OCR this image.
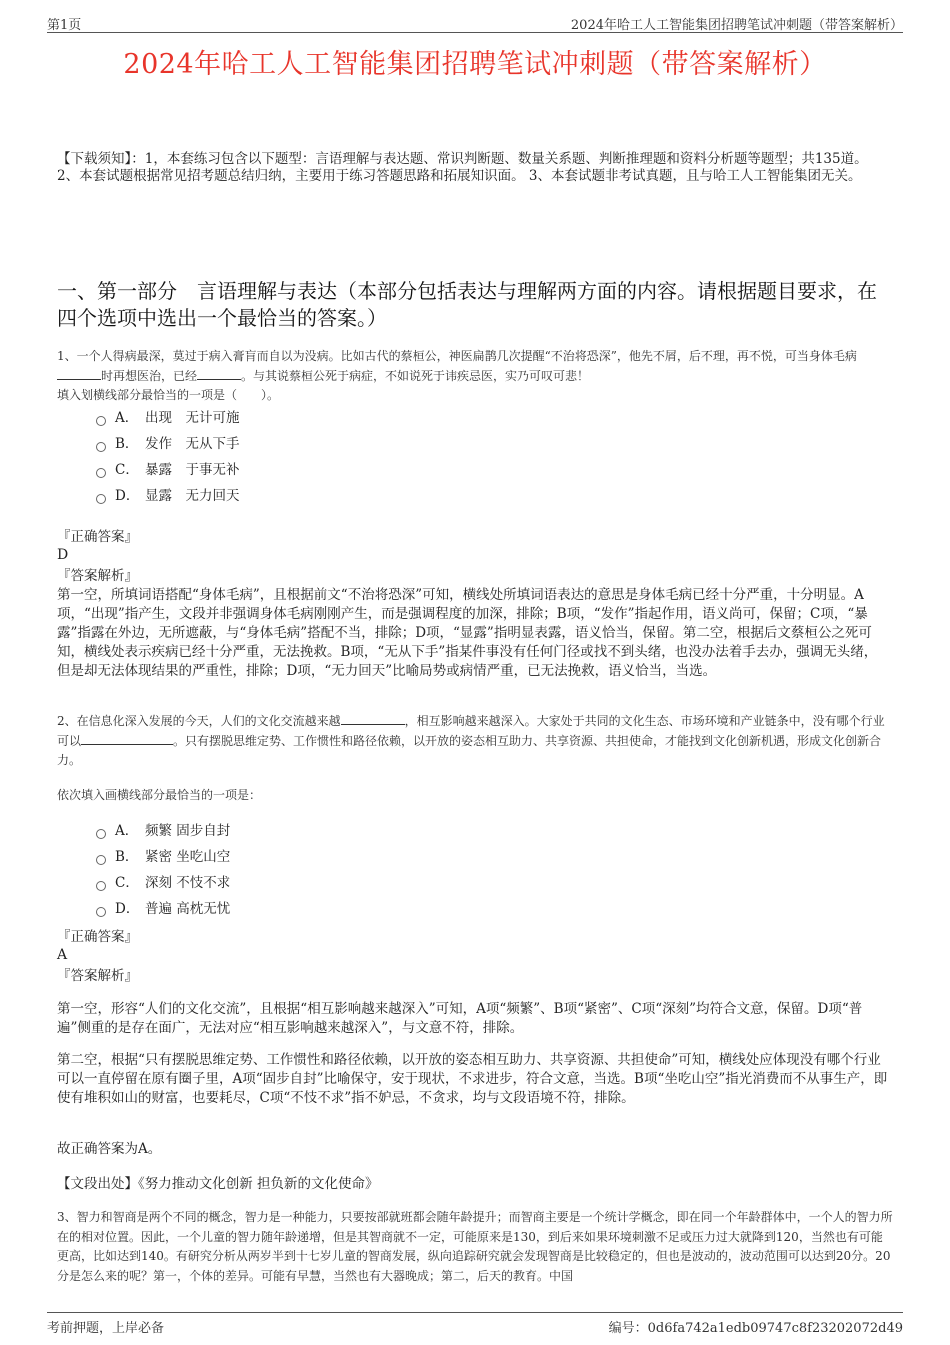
第1页	2024年哈工人工智能集团招聘笔试冲刺题（带答案解析）
2024年哈工人工智能集团招聘笔试冲刺题（带答案解析）
【下载须知】：1，本套练习包含以下题型：言语理解与表达题、常识判断题、数量关系题、判断推理题和资料分析题等题型；共135道。 2、本套试题根据常见招考题总结归纳，主要用于练习答题思路和拓展知识面。 3、本套试题非考试真题，且与哈工人工智能集团无关。
一、第一部分　言语理解与表达（本部分包括表达与理解两方面的内容。请根据题目要求，在四个选项中选出一个最恰当的答案。）
1、一个人得病最深，莫过于病入膏肓而自以为没病。比如古代的蔡桓公，神医扁鹊几次提醒“不治将恐深”，他先不屑，后不理，再不悦，可当身体毛病时再想医治，已经	。与其说蔡桓公死于病症，不如说死于讳疾忌医，实乃可叹可悲！
填入划横线部分最恰当的一项是（　　）。
A． 出现　无计可施
B． 发作　无从下手
C． 暴露　于事无补
D． 显露　无力回天
『正确答案』
D
『答案解析』
第一空，所填词语搭配“身体毛病”，且根据前文“不治将恐深”可知，横线处所填词语表达的意思是身体毛病已经十分严重，十分明显。A项，“出现”指产生，文段并非强调身体毛病刚刚产生，而是强调程度的加深，排除；B项，“发作”指起作用，语义尚可，保留；C项，“暴露”指露在外边，无所遮蔽，与“身体毛病”搭配不当，排除；D项，“显露”指明显表露，语义恰当，保留。第二空，根据后文蔡桓公之死可知，横线处表示疾病已经十分严重，无法挽救。B项，“无从下手”指某件事没有任何门径或找不到头绪，也没办法着手去办，强调无头绪，但是却无法体现结果的严重性，排除；D项，“无力回天”比喻局势或病情严重，已无法挽救，语义恰当，当选。
2、在信息化深入发展的今天，人们的文化交流越来越	，相互影响越来越深入。大家处于共同的文化生态、市场环境和产业链条中，没有哪个行业可以	。只有摆脱思维定势、工作惯性和路径依赖，以开放的姿态相互助力、共享资源、共担使命，才能找到文化创新机遇，形成文化创新合力。
依次填入画横线部分最恰当的一项是：
A． 频繁 固步自封
B． 紧密 坐吃山空
C． 深刻 不忮不求
D． 普遍 高枕无忧
『正确答案』
A
『答案解析』
第一空，形容“人们的文化交流”，且根据“相互影响越来越深入”可知，A项“频繁”、B项“紧密”、C项“深刻”均符合文意，保留。D项“普遍”侧重的是存在面广，无法对应“相互影响越来越深入”，与文意不符，排除。
第二空，根据“只有摆脱思维定势、工作惯性和路径依赖，以开放的姿态相互助力、共享资源、共担使命”可知，横线处应体现没有哪个行业可以一直停留在原有圈子里，A项“固步自封”比喻保守，安于现状，不求进步，符合文意，当选。B项“坐吃山空”指光消费而不从事生产，即使有堆积如山的财富，也要耗尽，C项“不忮不求”指不妒忌，不贪求，均与文段语境不符，排除。
故正确答案为A。
【文段出处】《努力推动文化创新 担负新的文化使命》
3、智力和智商是两个不同的概念，智力是一种能力，只要按部就班都会随年龄提升；而智商主要是一个统计学概念，即在同一个年龄群体中，一个人的智力所在的相对位置。因此，一个儿童的智力随年龄递增，但是其智商就不一定，可能原来是130，到后来如果环境刺激不足或压力过大就降到120，当然也有可能更高，比如达到140。有研究分析从两岁半到十七岁儿童的智商发展，纵向追踪研究就会发现智商是比较稳定的，但也是波动的，波动范围可以达到20分。20分是怎么来的呢？第一，个体的差异。可能有早慧，当然也有大器晚成；第二，后天的教育。中国
考前押题，上岸必备	编号：0d6fa742a1edb09747c8f23202072d49
